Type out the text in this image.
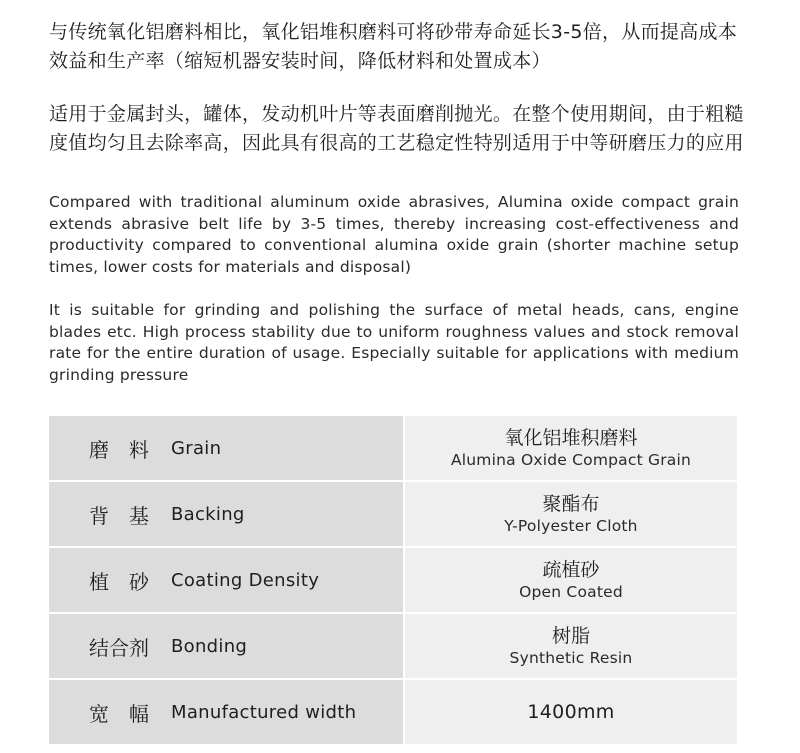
与传统氧化铝磨料相比，氧化铝堆积磨料可将砂带寿命延长3-5倍，从而提高成本效益和生产率（缩短机器安装时间，降低材料和处置成本）
适用于金属封头，罐体，发动机叶片等表面磨削抛光。在整个使用期间，由于粗糙度值均匀且去除率高，因此具有很高的工艺稳定性特别适用于中等研磨压力的应用
Compared with traditional aluminum oxide abrasives, Alumina oxide compact grain extends abrasive belt life by 3-5 times, thereby increasing cost-effectiveness and productivity compared to conventional alumina oxide grain (shorter machine setup times, lower costs for materials and disposal)
It is suitable for grinding and polishing the surface of metal heads, cans, engine blades etc. High process stability due to uniform roughness values and stock removal rate for the entire duration of usage. Especially suitable for applications with medium grinding pressure
磨　料	Grain	氧化铝堆积磨料
Alumina Oxide Compact Grain
背　基	Backing	聚酯布
Y-Polyester Cloth
植　砂	Coating Density	疏植砂
Open Coated
结合剂	Bonding	树脂
Synthetic Resin
宽　幅	Manufactured width	1400mm
